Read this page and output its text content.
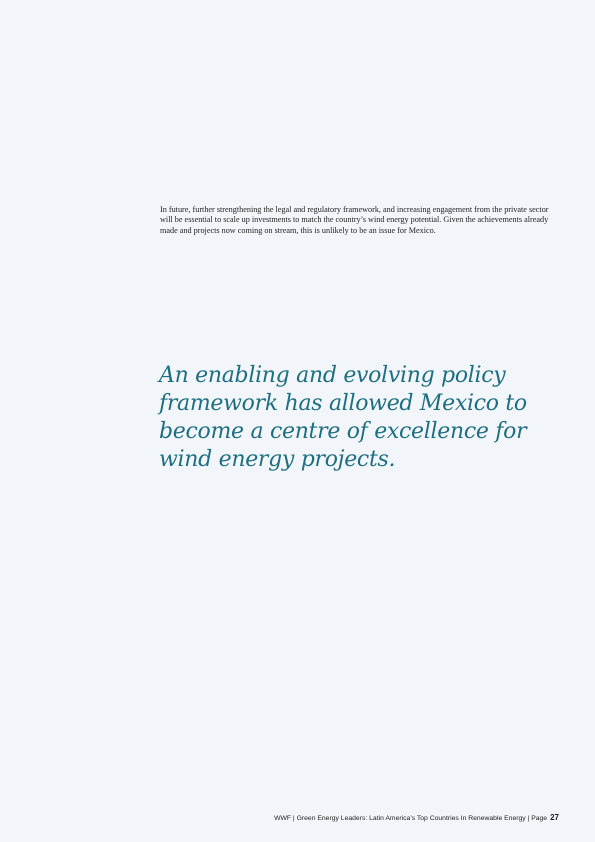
In future, further strengthening the legal and regulatory framework, and increasing engagement from the private sector will be essential to scale up investments to match the country’s wind energy potential. Given the achievements already made and projects now coming on stream, this is unlikely to be an issue for Mexico.

An enabling and evolving policy
framework has allowed Mexico to
become a centre of excellence for
wind energy projects.
WWF | Green Energy Leaders: Latin America’s Top Countries In Renewable Energy | Page 27
